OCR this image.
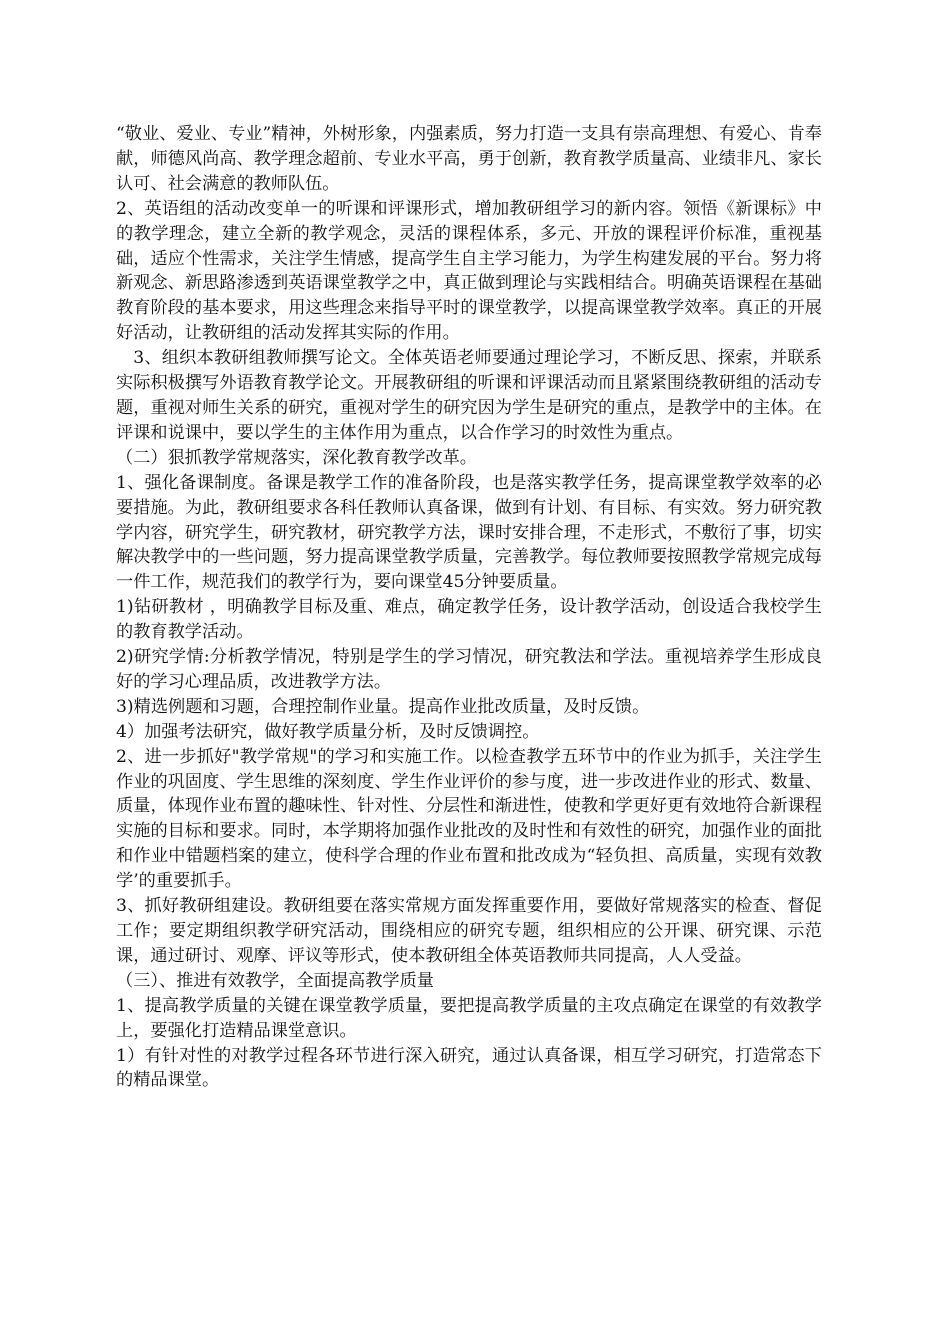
“敬业、爱业、专业”精神，外树形象，内强素质，努力打造一支具有崇高理想、有爱心、肯奉献，师德风尚高、教学理念超前、专业水平高，勇于创新，教育教学质量高、业绩非凡、家长认可、社会满意的教师队伍。

2、英语组的活动改变单一的听课和评课形式，增加教研组学习的新内容。领悟《新课标》中的教学理念，建立全新的教学观念，灵活的课程体系，多元、开放的课程评价标准，重视基础，适应个性需求，关注学生情感，提高学生自主学习能力，为学生构建发展的平台。努力将新观念、新思路渗透到英语课堂教学之中，真正做到理论与实践相结合。明确英语课程在基础教育阶段的基本要求，用这些理念来指导平时的课堂教学，以提高课堂教学效率。真正的开展好活动，让教研组的活动发挥其实际的作用。

3、组织本教研组教师撰写论文。全体英语老师要通过理论学习，不断反思、探索，并联系实际积极撰写外语教育教学论文。开展教研组的听课和评课活动而且紧紧围绕教研组的活动专题，重视对师生关系的研究，重视对学生的研究因为学生是研究的重点，是教学中的主体。在评课和说课中，要以学生的主体作用为重点，以合作学习的时效性为重点。

（二）狠抓教学常规落实，深化教育教学改革。

1、强化备课制度。备课是教学工作的准备阶段，也是落实教学任务，提高课堂教学效率的必要措施。为此，教研组要求各科任教师认真备课，做到有计划、有目标、有实效。努力研究教学内容，研究学生，研究教材，研究教学方法，课时安排合理，不走形式，不敷衍了事，切实解决教学中的一些问题，努力提高课堂教学质量，完善教学。每位教师要按照教学常规完成每一件工作，规范我们的教学行为，要向课堂45分钟要质量。

1)钻研教材 ，明确教学目标及重、难点，确定教学任务，设计教学活动，创设适合我校学生的教育教学活动。

2)研究学情:分析教学情况，特别是学生的学习情况，研究教法和学法。重视培养学生形成良好的学习心理品质，改进教学方法。

3)精选例题和习题，合理控制作业量。提高作业批改质量，及时反馈。

4）加强考法研究，做好教学质量分析，及时反馈调控。

2、进一步抓好"教学常规"的学习和实施工作。以检查教学五环节中的作业为抓手，关注学生作业的巩固度、学生思维的深刻度、学生作业评价的参与度，进一步改进作业的形式、数量、质量，体现作业布置的趣味性、针对性、分层性和渐进性，使教和学更好更有效地符合新课程实施的目标和要求。同时，本学期将加强作业批改的及时性和有效性的研究，加强作业的面批和作业中错题档案的建立，使科学合理的作业布置和批改成为“轻负担、高质量，实现有效教学’的重要抓手。

3、抓好教研组建设。教研组要在落实常规方面发挥重要作用，要做好常规落实的检查、督促工作；要定期组织教学研究活动，围绕相应的研究专题，组织相应的公开课、研究课、示范课，通过研讨、观摩、评议等形式，使本教研组全体英语教师共同提高，人人受益。

（三）、推进有效教学，全面提高教学质量

1、提高教学质量的关键在课堂教学质量，要把提高教学质量的主攻点确定在课堂的有效教学上，要强化打造精品课堂意识。

1）有针对性的对教学过程各环节进行深入研究，通过认真备课，相互学习研究，打造常态下的精品课堂。
